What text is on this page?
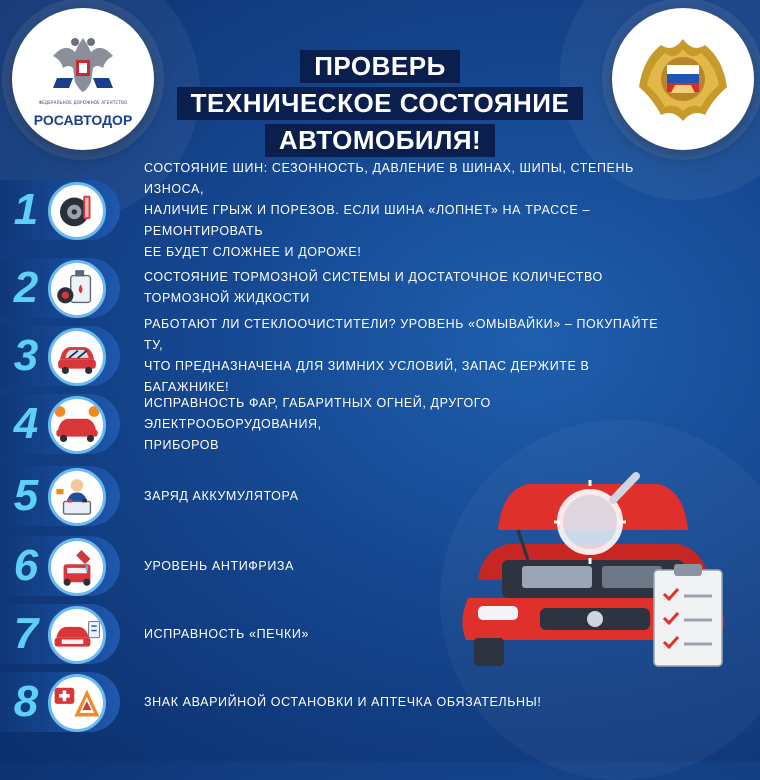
ФЕДЕРАЛЬНОЕ ДОРОЖНОЕ АГЕНТСТВО
РОСАВТОДОР
ПРОВЕРЬ
ТЕХНИЧЕСКОЕ СОСТОЯНИЕ
АВТОМОБИЛЯ!
1
СОСТОЯНИЕ ШИН: СЕЗОННОСТЬ, ДАВЛЕНИЕ В ШИНАХ, ШИПЫ, СТЕПЕНЬ ИЗНОСА,
НАЛИЧИЕ ГРЫЖ И ПОРЕЗОВ. ЕСЛИ ШИНА «ЛОПНЕТ» НА ТРАССЕ – РЕМОНТИРОВАТЬ
ЕЕ БУДЕТ СЛОЖНЕЕ И ДОРОЖЕ!
2	СОСТОЯНИЕ ТОРМОЗНОЙ СИСТЕМЫ И ДОСТАТОЧНОЕ КОЛИЧЕСТВО
ТОРМОЗНОЙ ЖИДКОСТИ
3
РАБОТАЮТ ЛИ СТЕКЛООЧИСТИТЕЛИ? УРОВЕНЬ «ОМЫВАЙКИ» – ПОКУПАЙТЕ ТУ,
ЧТО ПРЕДНАЗНАЧЕНА ДЛЯ ЗИМНИХ УСЛОВИЙ, ЗАПАС ДЕРЖИТЕ В БАГАЖНИКЕ!
4	ИСПРАВНОСТЬ ФАР, ГАБАРИТНЫХ ОГНЕЙ, ДРУГОГО ЭЛЕКТРООБОРУДОВАНИЯ,
ПРИБОРОВ
5	ЗАРЯД АККУМУЛЯТОРА
6	УРОВЕНЬ АНТИФРИЗА
7	ИСПРАВНОСТЬ «ПЕЧКИ»
8	ЗНАК АВАРИЙНОЙ ОСТАНОВКИ И АПТЕЧКА ОБЯЗАТЕЛЬНЫ!
